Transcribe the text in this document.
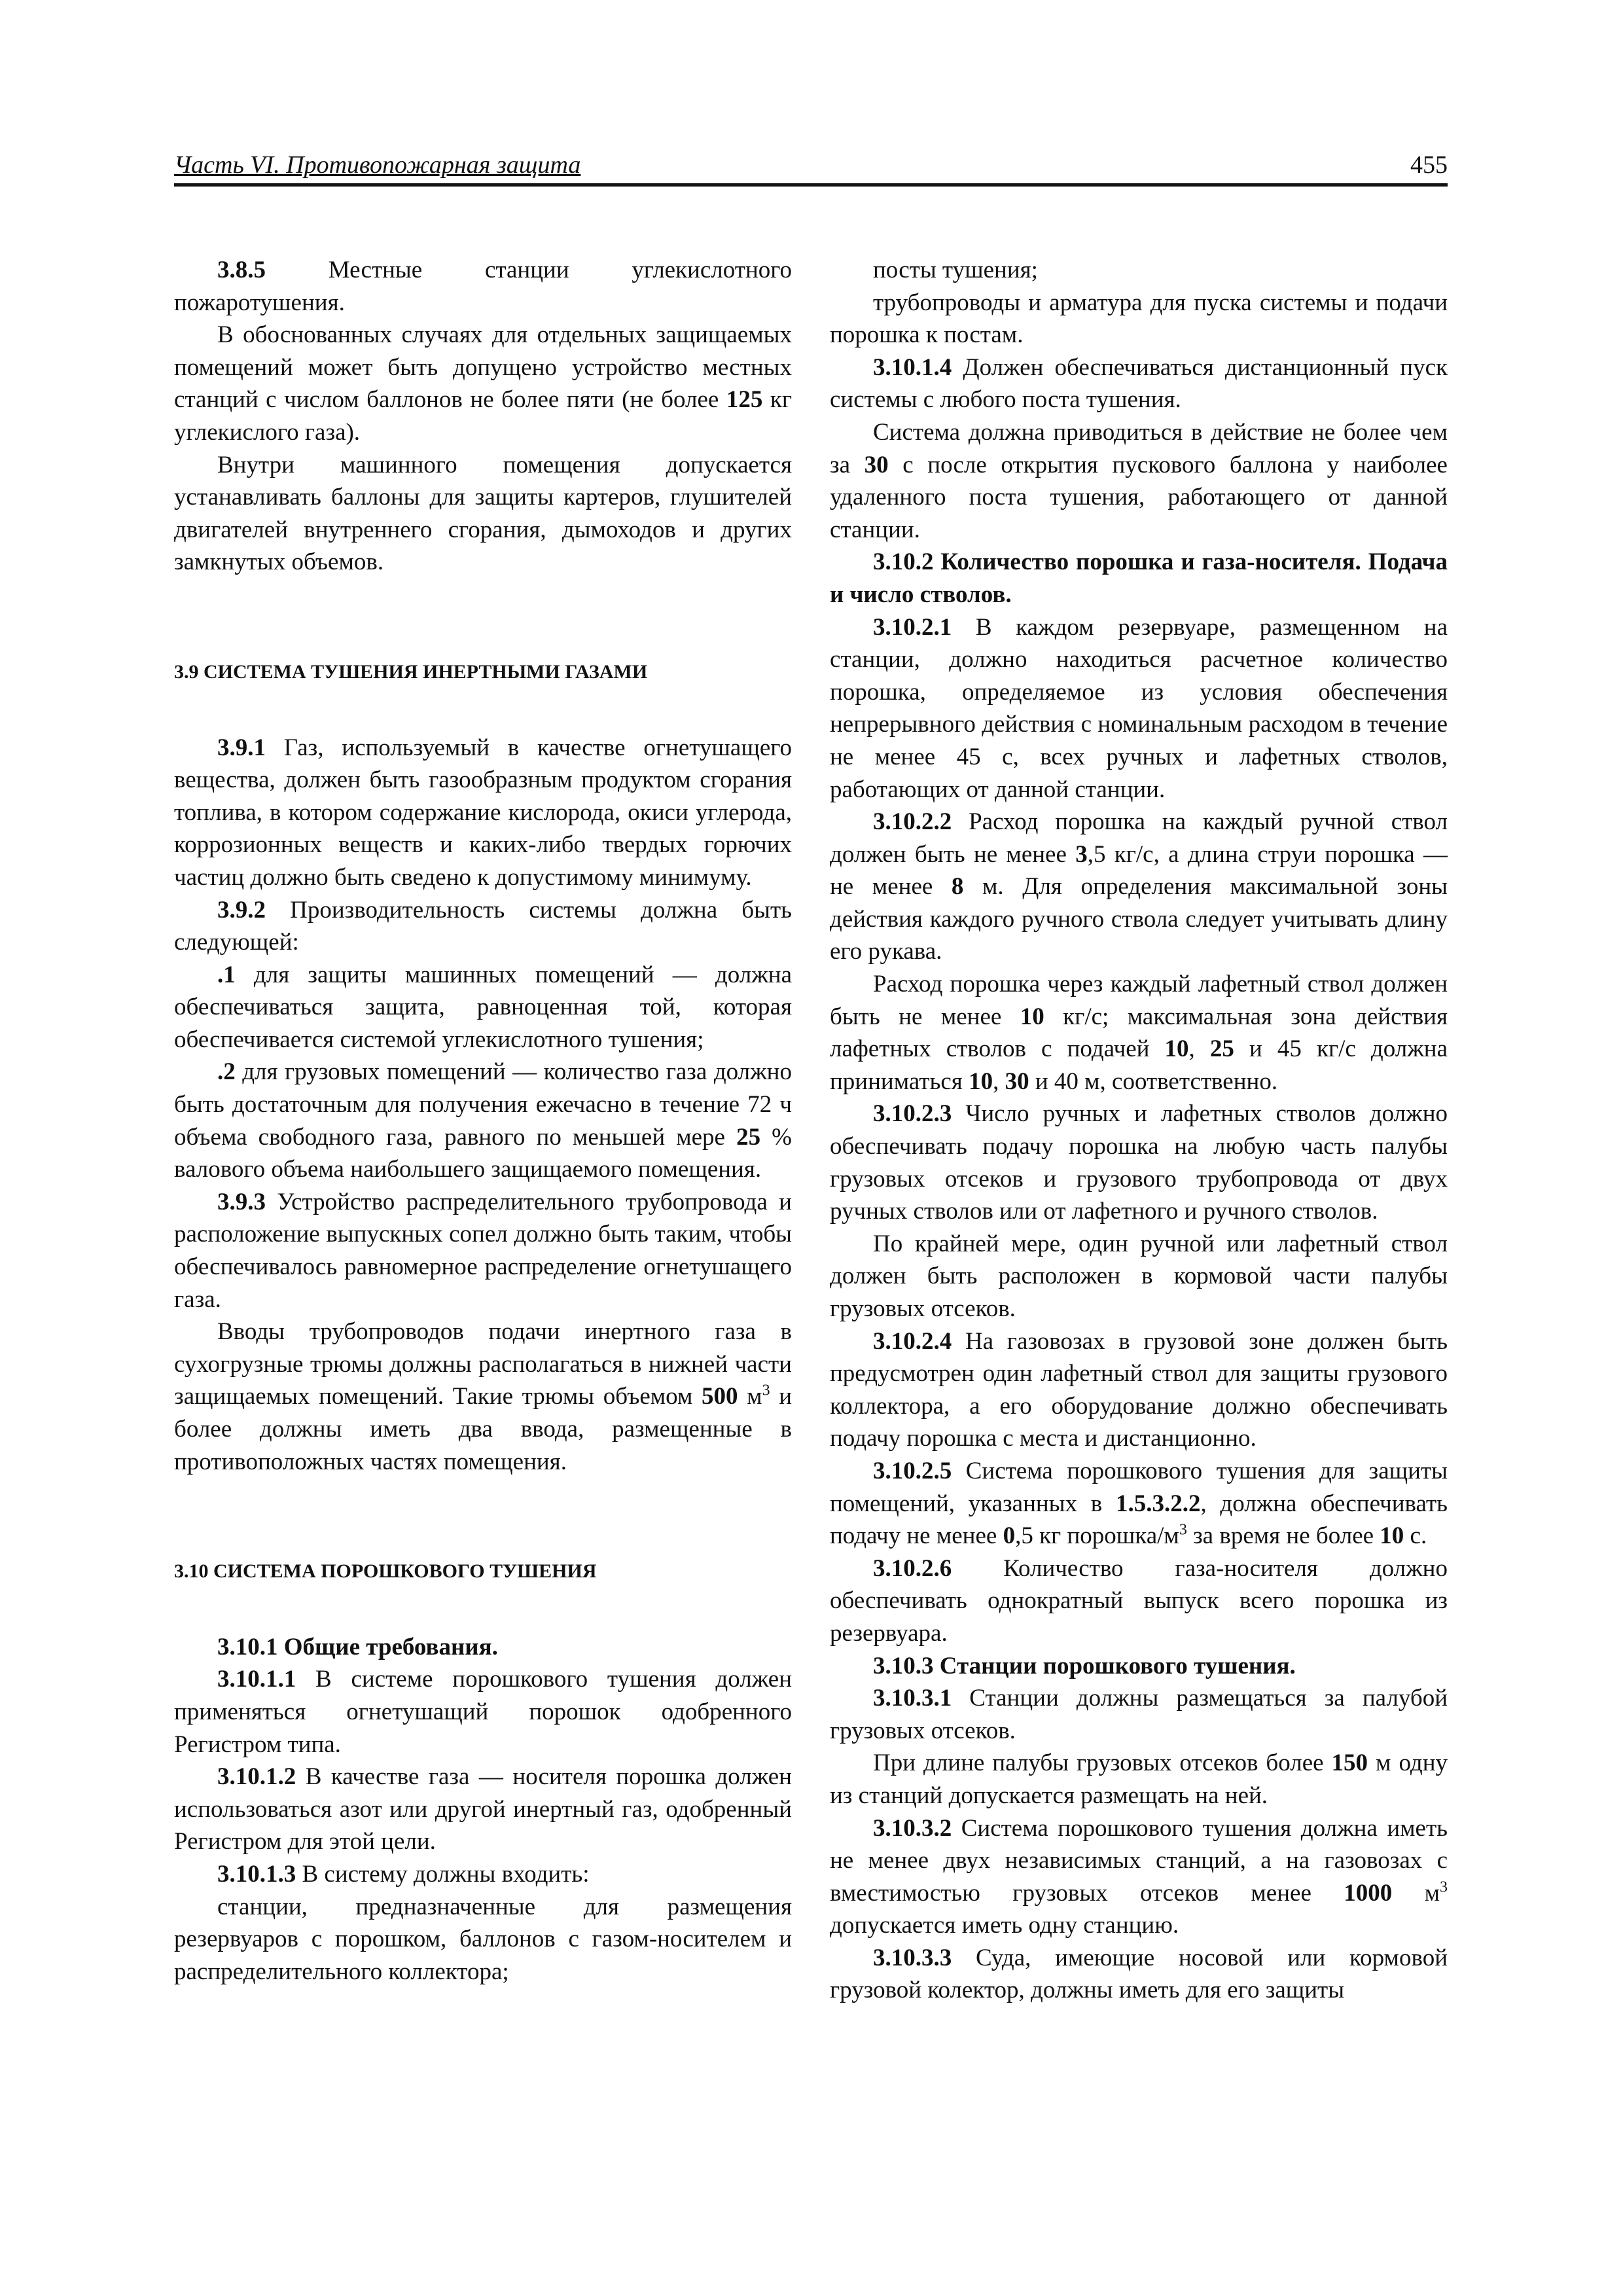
Часть VI. Противопожарная защита	455

3.8.5 Местные станции углекислотного пожаротушения.

В обоснованных случаях для отдельных защищаемых помещений может быть допущено устройство местных станций с числом баллонов не более пяти (не более 125 кг углекислого газа).

Внутри машинного помещения допускается устанавливать баллоны для защиты картеров, глушителей двигателей внутреннего сгорания, дымоходов и других замкнутых объемов.

3.9 СИСТЕМА ТУШЕНИЯ ИНЕРТНЫМИ ГАЗАМИ

3.9.1 Газ, используемый в качестве огнетушащего вещества, должен быть газообразным продуктом сгорания топлива, в котором содержание кислорода, окиси углерода, коррозионных веществ и каких-либо твердых горючих частиц должно быть сведено к допустимому минимуму.

3.9.2 Производительность системы должна быть следующей:

.1 для защиты машинных помещений — должна обеспечиваться защита, равноценная той, которая обеспечивается системой углекислотного тушения;

.2 для грузовых помещений — количество газа должно быть достаточным для получения ежечасно в течение 72 ч объема свободного газа, равного по меньшей мере 25 % валового объема наибольшего защищаемого помещения.

3.9.3 Устройство распределительного трубопровода и расположение выпускных сопел должно быть таким, чтобы обеспечивалось равномерное распределение огнетушащего газа.

Вводы трубопроводов подачи инертного газа в сухогрузные трюмы должны располагаться в нижней части защищаемых помещений. Такие трюмы объемом 500 $м^3$ и более должны иметь два ввода, размещенные в противоположных частях помещения.

3.10 СИСТЕМА ПОРОШКОВОГО ТУШЕНИЯ

3.10.1 Общие требования.

3.10.1.1 В системе порошкового тушения должен применяться огнетушащий порошок одобренного Регистром типа.

3.10.1.2 В качестве газа — носителя порошка должен использоваться азот или другой инертный газ, одобренный Регистром для этой цели.

3.10.1.3 В систему должны входить:

станции, предназначенные для размещения резервуаров с порошком, баллонов с газом-носителем и распределительного коллектора;

посты тушения;

трубопроводы и арматура для пуска системы и подачи порошка к постам.

3.10.1.4 Должен обеспечиваться дистанционный пуск системы с любого поста тушения.

Система должна приводиться в действие не более чем за 30 с после открытия пускового баллона у наиболее удаленного поста тушения, работающего от данной станции.

3.10.2 Количество порошка и газа-носителя. Подача и число стволов.

3.10.2.1 В каждом резервуаре, размещенном на станции, должно находиться расчетное количество порошка, определяемое из условия обеспечения непрерывного действия с номинальным расходом в течение не менее 45 с, всех ручных и лафетных стволов, работающих от данной станции.

3.10.2.2 Расход порошка на каждый ручной ствол должен быть не менее 3,5 кг/с, а длина струи порошка — не менее 8 м. Для определения максимальной зоны действия каждого ручного ствола следует учитывать длину его рукава.

Расход порошка через каждый лафетный ствол должен быть не менее 10 кг/с; максимальная зона действия лафетных стволов с подачей 10, 25 и 45 кг/с должна приниматься 10, 30 и 40 м, соответственно.

3.10.2.3 Число ручных и лафетных стволов должно обеспечивать подачу порошка на любую часть палубы грузовых отсеков и грузового трубопровода от двух ручных стволов или от лафетного и ручного стволов.

По крайней мере, один ручной или лафетный ствол должен быть расположен в кормовой части палубы грузовых отсеков.

3.10.2.4 На газовозах в грузовой зоне должен быть предусмотрен один лафетный ствол для защиты грузового коллектора, а его оборудование должно обеспечивать подачу порошка с места и дистанционно.

3.10.2.5 Система порошкового тушения для защиты помещений, указанных в 1.5.3.2.2, должна обеспечивать подачу не менее 0,5 кг порошка/$м^3$ за время не более 10 с.

3.10.2.6 Количество газа-носителя должно обеспечивать однократный выпуск всего порошка из резервуара.

3.10.3 Станции порошкового тушения.

3.10.3.1 Станции должны размещаться за палубой грузовых отсеков.

При длине палубы грузовых отсеков более 150 м одну из станций допускается размещать на ней.

3.10.3.2 Система порошкового тушения должна иметь не менее двух независимых станций, а на газовозах с вместимостью грузовых отсеков менее 1000 $м^3$ допускается иметь одну станцию.

3.10.3.3 Суда, имеющие носовой или кормовой грузовой колектор, должны иметь для его защиты
